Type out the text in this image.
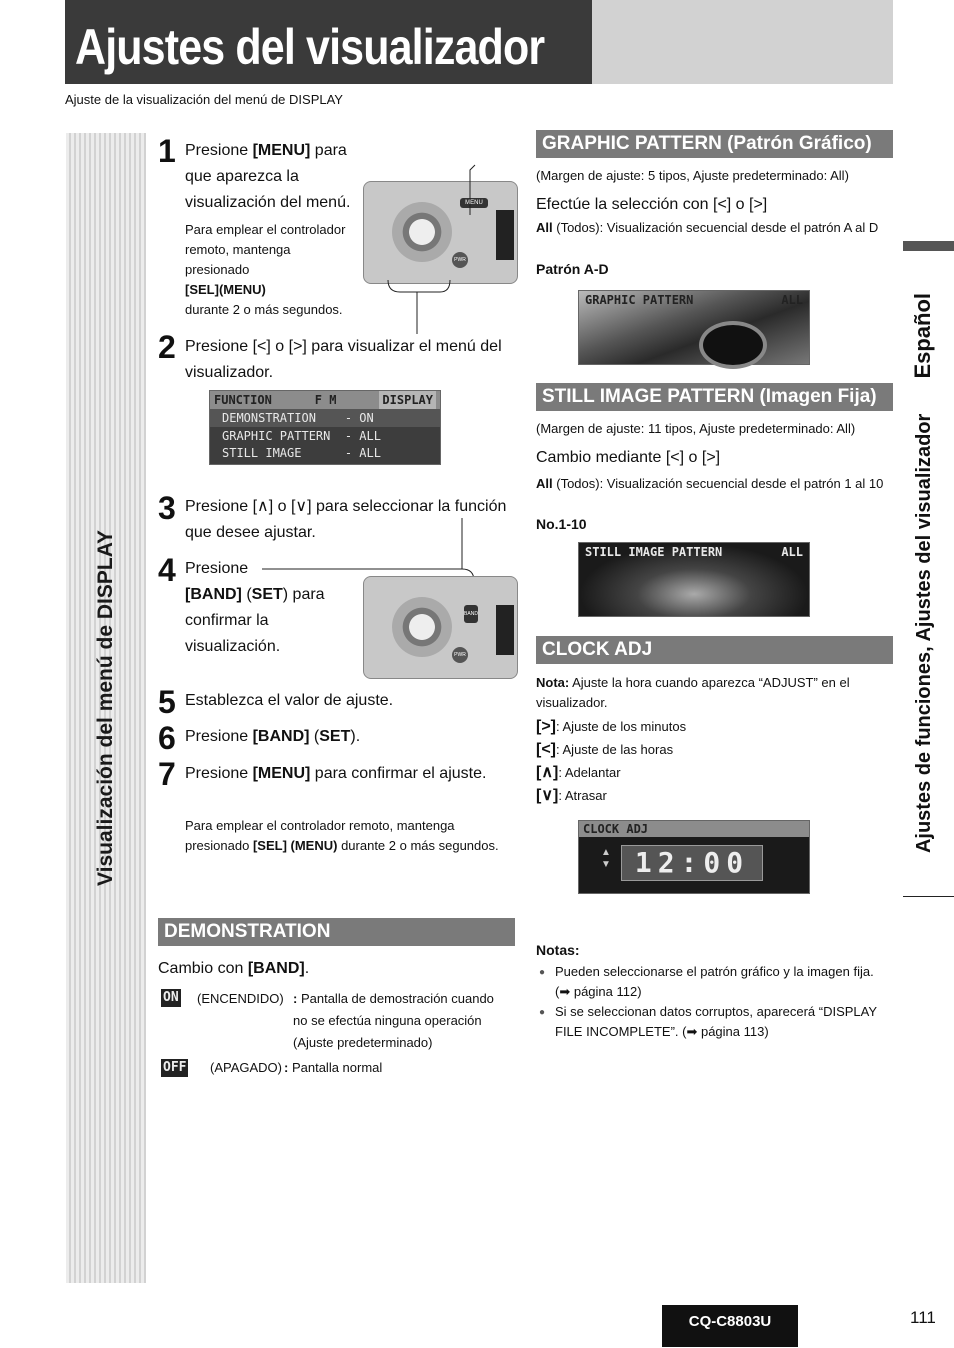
Ajustes del visualizador
Ajuste de la visualización del menú de DISPLAY
Visualización del menú de DISPLAY
1 Presione [MENU] para que aparezca la visualización del menú.
Para emplear el controlador remoto, mantenga presionado
[SEL](MENU)
durante 2 o más segundos.
MENU
PWR
2 Presione [<] o [>] para visualizar el menú del visualizador.
FUNCTION	F M	DISPLAY
DEMONSTRATION    - ON
GRAPHIC PATTERN  - ALL
STILL IMAGE      - ALL
3 Presione [∧] o [∨] para seleccionar la función que desee ajustar.
4 Presione
[BAND] (SET) para confirmar la visualización.
BAND
PWR
5 Establezca el valor de ajuste.
6 Presione [BAND] (SET).
7 Presione [MENU] para confirmar el ajuste.
Para emplear el controlador remoto, mantenga presionado [SEL] (MENU) durante 2 o más segundos.
DEMONSTRATION
Cambio con [BAND].
ON (ENCENDIDO) : Pantalla de demostración cuando no se efectúa ninguna operación (Ajuste predeterminado)
OFF (APAGADO) : Pantalla normal
GRAPHIC PATTERN (Patrón Gráfico)
(Margen de ajuste: 5 tipos, Ajuste predeterminado: All)
Efectúe la selección con [<] o [>]
All (Todos): Visualización secuencial desde el patrón A al D
Patrón A-D
GRAPHIC PATTERN	ALL
STILL IMAGE PATTERN (Imagen Fija)
(Margen de ajuste: 11 tipos, Ajuste predeterminado: All)
Cambio mediante [<] o [>]
All (Todos): Visualización secuencial desde el patrón 1 al 10
No.1-10
STILL IMAGE PATTERN	ALL
CLOCK ADJ
Nota: Ajuste la hora cuando aparezca “ADJUST” en el visualizador.
[>]: Ajuste de los minutos
[<]: Ajuste de las horas
[∧]: Adelantar
[∨]: Atrasar
CLOCK ADJ
▲
▼ 12:00
Notas:
● Pueden seleccionarse el patrón gráfico y la imagen fija. (➡ página 112)
● Si se seleccionan datos corruptos, aparecerá “DISPLAY FILE INCOMPLETE”. (➡ página 113)
Ajustes de funciones, Ajustes del visualizador  Español
CQ-C8803U	111
